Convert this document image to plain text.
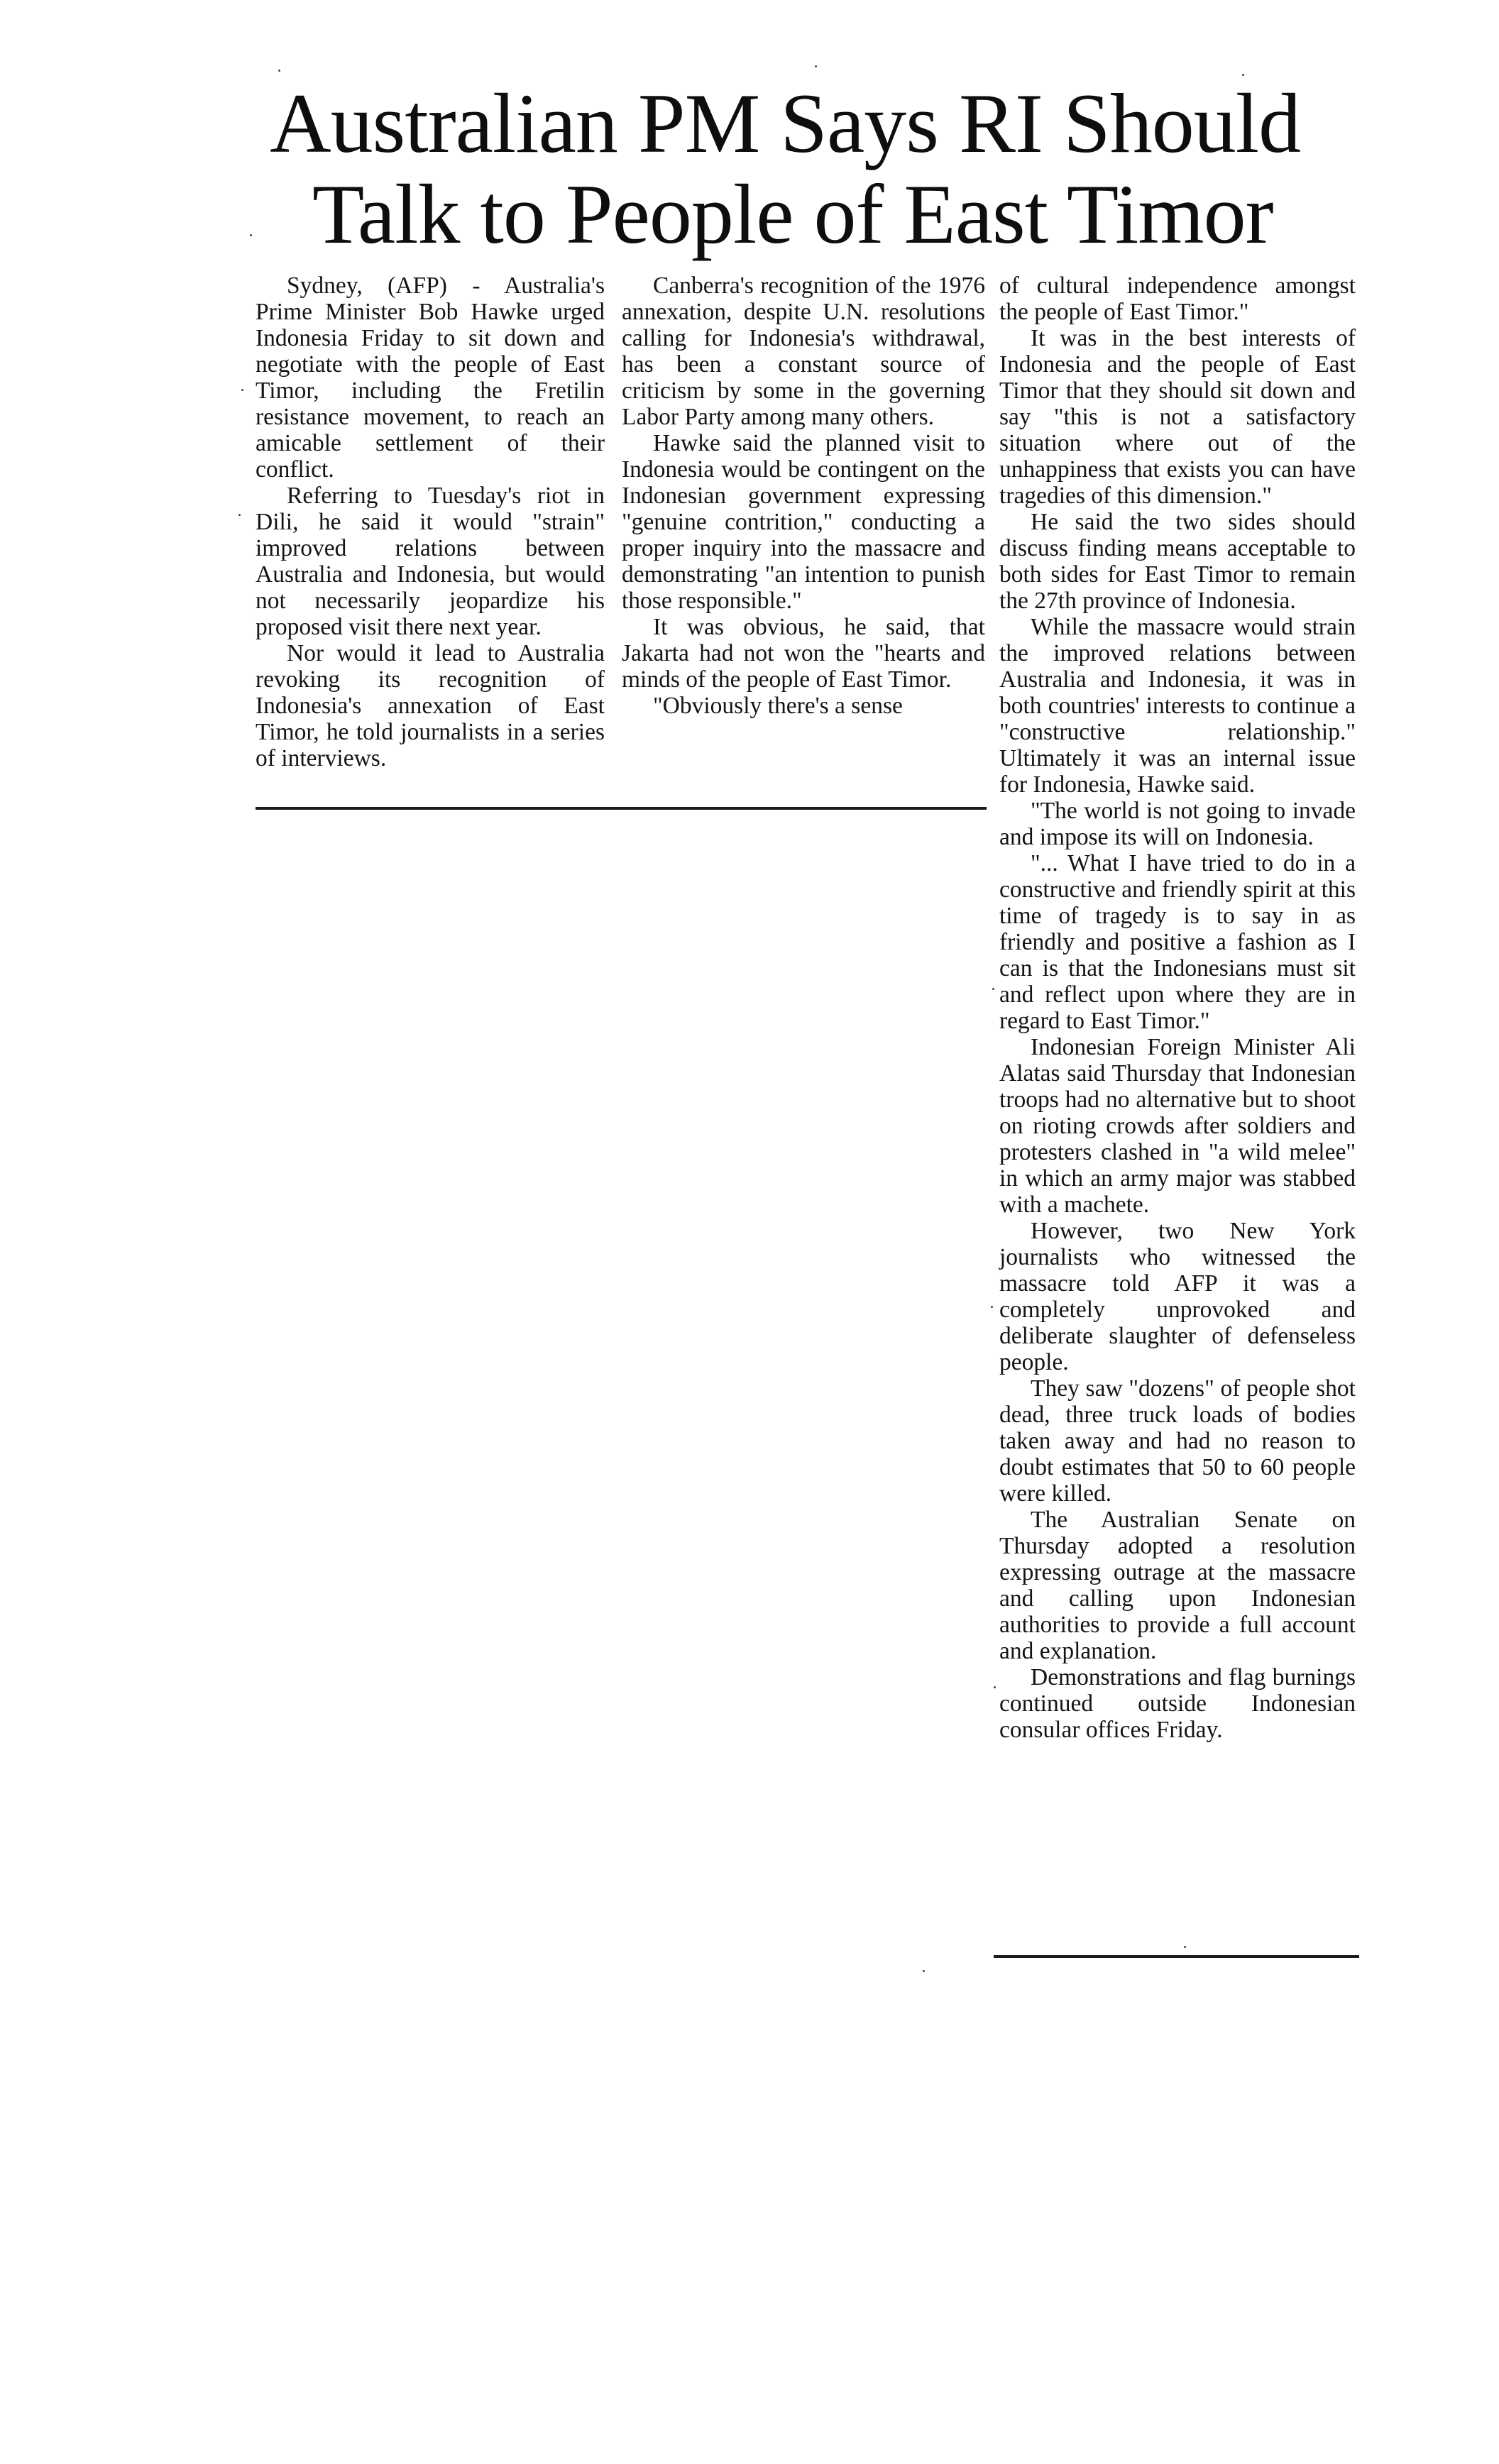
Australian PM Says RI Should
Talk to People of East Timor

Sydney, (AFP) - Australia's Prime Minister Bob Hawke urged Indonesia Friday to sit down and negotiate with the people of East Timor, including the Fretilin resistance movement, to reach an amicable settlement of their conflict.

Referring to Tuesday's riot in Dili, he said it would "strain" improved relations between Australia and Indonesia, but would not necessarily jeopardize his proposed visit there next year.

Nor would it lead to Australia revoking its recognition of Indonesia's annexation of East Timor, he told journalists in a series of interviews.

Canberra's recognition of the 1976 annexation, despite U.N. resolutions calling for Indonesia's withdrawal, has been a constant source of criticism by some in the governing Labor Party among many others.

Hawke said the planned visit to Indonesia would be contingent on the Indonesian government expressing "genuine contrition," conducting a proper inquiry into the massacre and demonstrating "an intention to punish those responsible."

It was obvious, he said, that Jakarta had not won the "hearts and minds of the people of East Timor.

"Obviously there's a sense

of cultural independence amongst the people of East Timor."

It was in the best interests of Indonesia and the people of East Timor that they should sit down and say "this is not a satisfactory situation where out of the unhappiness that exists you can have tragedies of this dimension."

He said the two sides should discuss finding means acceptable to both sides for East Timor to remain the 27th province of Indonesia.

While the massacre would strain the improved relations between Australia and Indonesia, it was in both countries' interests to continue a "constructive relationship." Ultimately it was an internal issue for Indonesia, Hawke said.

"The world is not going to invade and impose its will on Indonesia.

"... What I have tried to do in a constructive and friendly spirit at this time of tragedy is to say in as friendly and positive a fashion as I can is that the Indonesians must sit and reflect upon where they are in regard to East Timor."

Indonesian Foreign Minister Ali Alatas said Thursday that Indonesian troops had no alternative but to shoot on rioting crowds after soldiers and protesters clashed in "a wild melee" in which an army major was stabbed with a machete.

However, two New York journalists who witnessed the massacre told AFP it was a completely unprovoked and deliberate slaughter of defenseless people.

They saw "dozens" of people shot dead, three truck loads of bodies taken away and had no reason to doubt estimates that 50 to 60 people were killed.

The Australian Senate on Thursday adopted a resolution expressing outrage at the massacre and calling upon Indonesian authorities to provide a full account and explanation.

Demonstrations and flag burnings continued outside Indonesian consular offices Friday.
